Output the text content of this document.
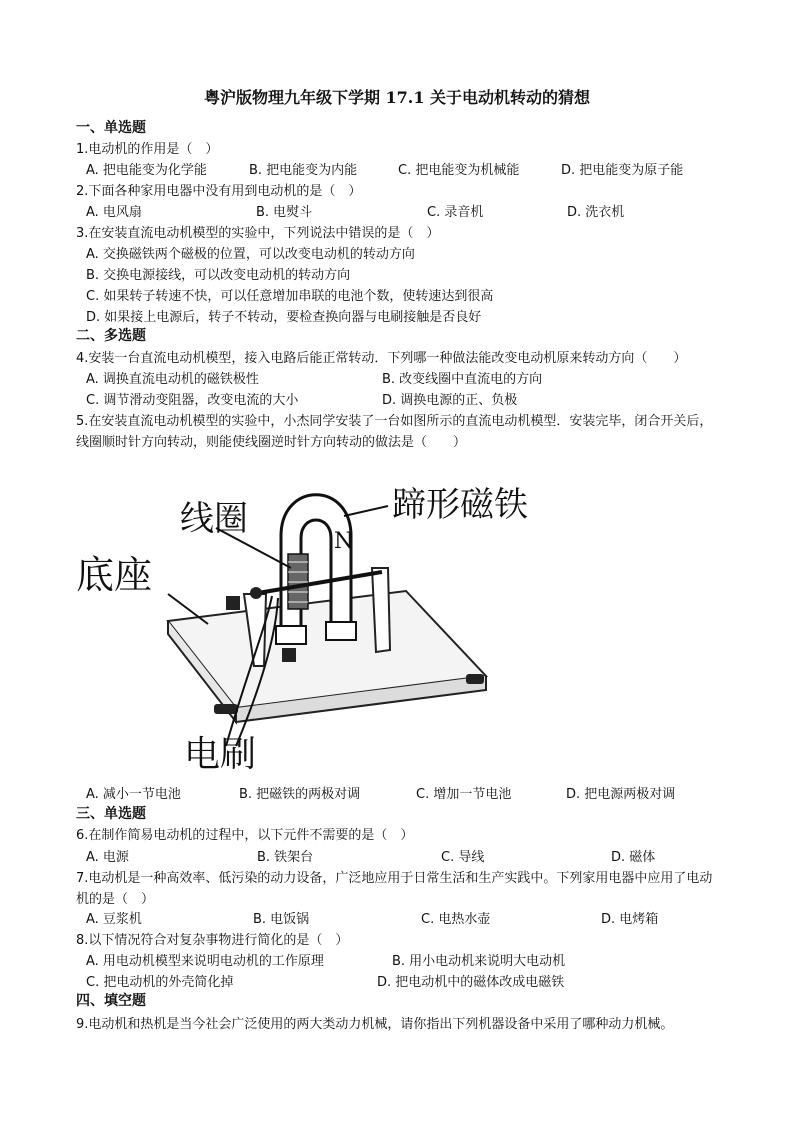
粤沪版物理九年级下学期 17.1 关于电动机转动的猜想
一、单选题
1.电动机的作用是（　）
A. 把电能变为化学能	B. 把电能变为内能	C. 把电能变为机械能	D. 把电能变为原子能
2.下面各种家用电器中没有用到电动机的是（　）
A. 电风扇	B. 电熨斗	C. 录音机	D. 洗衣机
3.在安装直流电动机模型的实验中，下列说法中错误的是（　）
A. 交换磁铁两个磁极的位置，可以改变电动机的转动方向
B. 交换电源接线，可以改变电动机的转动方向
C. 如果转子转速不快，可以任意增加串联的电池个数，使转速达到很高
D. 如果接上电源后，转子不转动，要检查换向器与电刷接触是否良好
二、多选题
4.安装一台直流电动机模型，接入电路后能正常转动．下列哪一种做法能改变电动机原来转动方向（　　）
A. 调换直流电动机的磁铁极性	B. 改变线圈中直流电的方向
C. 调节滑动变阻器，改变电流的大小	D. 调换电源的正、负极
5.在安装直流电动机模型的实验中，小杰同学安装了一台如图所示的直流电动机模型．安装完毕，闭合开关后，线圈顺时针方向转动，则能使线圈逆时针方向转动的做法是（　　）
线圈	蹄形磁铁
底座
电刷
N
A. 减小一节电池	B. 把磁铁的两极对调	C. 增加一节电池	D. 把电源两极对调
三、单选题
6.在制作简易电动机的过程中，以下元件不需要的是（　）
A. 电源	B. 铁架台	C. 导线	D. 磁体
7.电动机是一种高效率、低污染的动力设备，广泛地应用于日常生活和生产实践中。下列家用电器中应用了电动机的是（　）
A. 豆浆机	B. 电饭锅	C. 电热水壶	D. 电烤箱
8.以下情况符合对复杂事物进行简化的是（　）
A. 用电动机模型来说明电动机的工作原理	B. 用小电动机来说明大电动机
C. 把电动机的外壳简化掉	D. 把电动机中的磁体改成电磁铁
四、填空题
9.电动机和热机是当今社会广泛使用的两大类动力机械，请你指出下列机器设备中采用了哪种动力机械。
